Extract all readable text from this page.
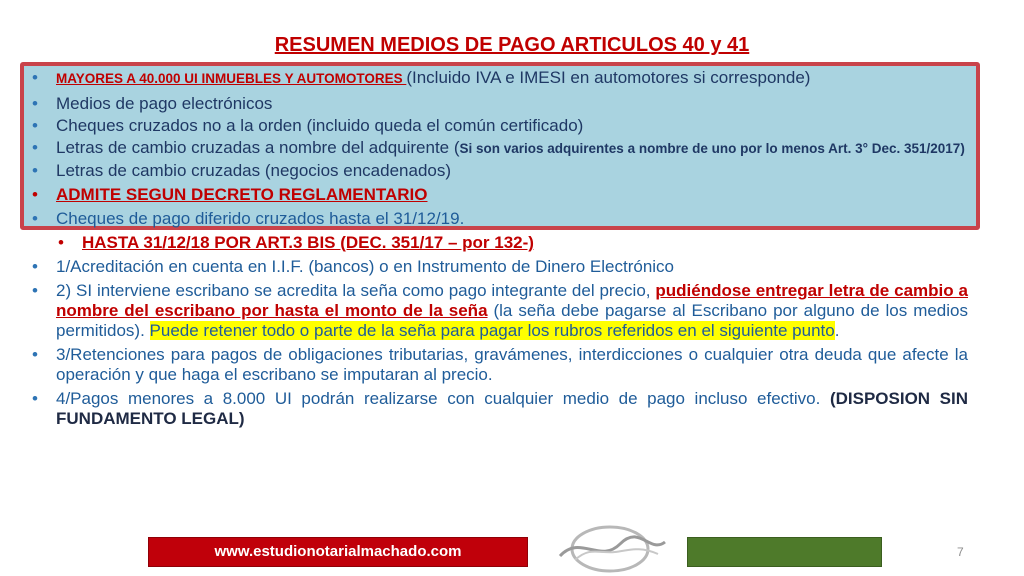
RESUMEN MEDIOS DE PAGO ARTICULOS 40 y 41
• MAYORES A 40.000 UI INMUEBLES Y AUTOMOTORES (Incluido IVA e IMESI en automotores si corresponde)
• Medios de pago electrónicos
• Cheques cruzados no a la orden (incluido queda el común certificado)
• Letras de cambio cruzadas a nombre del adquirente (Si son varios adquirentes a nombre de uno por lo menos Art. 3° Dec. 351/2017)
• Letras de cambio cruzadas (negocios encadenados)
• ADMITE SEGUN DECRETO REGLAMENTARIO
• Cheques de pago diferido cruzados hasta el 31/12/19.
• HASTA 31/12/18 POR ART.3 BIS (DEC. 351/17 – por 132-)
• 1/Acreditación en cuenta en I.I.F. (bancos) o en Instrumento de Dinero Electrónico
• 2) SI interviene escribano se acredita la seña como pago integrante del precio, pudiéndose entregar letra de cambio a nombre del escribano por hasta el monto de la seña (la seña debe pagarse al Escribano por alguno de los medios permitidos). Puede retener todo o parte de la seña para pagar los rubros referidos en el siguiente punto.
• 3/Retenciones para pagos de obligaciones tributarias, gravámenes, interdicciones o cualquier otra deuda que afecte la operación y que haga el escribano se imputaran al precio.
• 4/Pagos menores a 8.000 UI podrán realizarse con cualquier medio de pago incluso efectivo. (DISPOSION SIN FUNDAMENTO LEGAL)
www.estudionotarialmachado.com	7
